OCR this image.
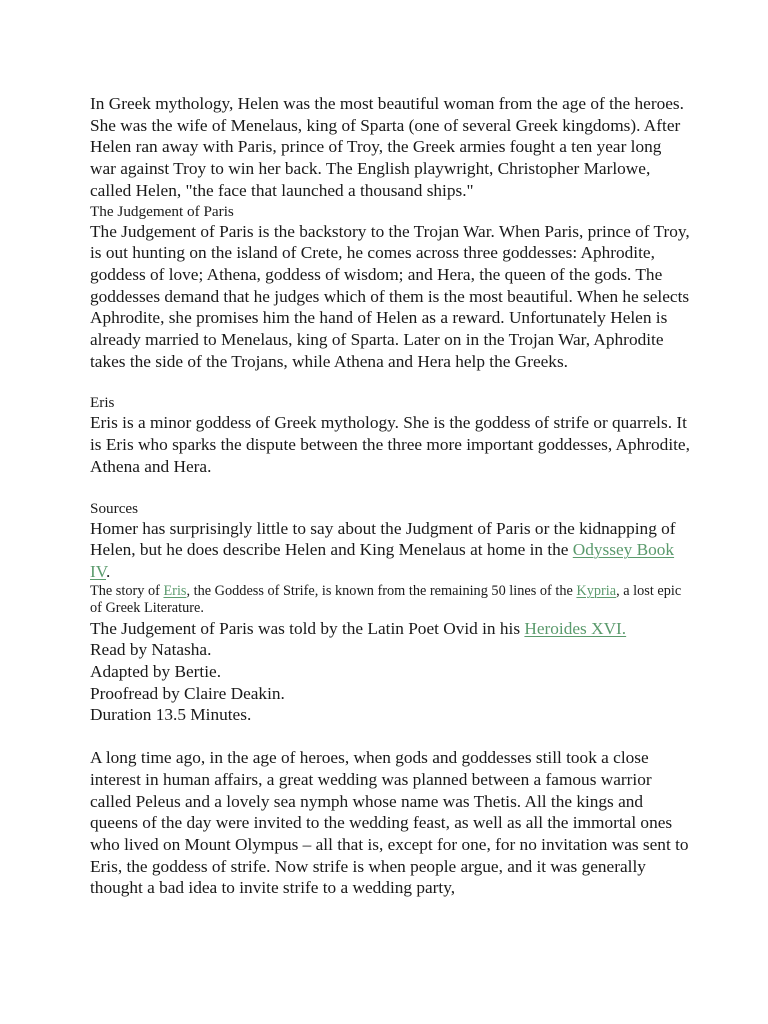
In Greek mythology, Helen was the most beautiful woman from the age of the heroes. She was the wife of Menelaus, king of Sparta (one of several Greek kingdoms). After Helen ran away with Paris, prince of Troy, the Greek armies fought a ten year long war against Troy to win her back. The English playwright, Christopher Marlowe, called Helen, "the face that launched a thousand ships."

The Judgement of Paris

The Judgement of Paris is the backstory to the Trojan War. When Paris, prince of Troy, is out hunting on the island of Crete, he comes across three goddesses: Aphrodite, goddess of love; Athena, goddess of wisdom; and Hera, the queen of the gods. The goddesses demand that he judges which of them is the most beautiful. When he selects Aphrodite, she promises him the hand of Helen as a reward. Unfortunately Helen is already married to Menelaus, king of Sparta. Later on in the Trojan War, Aphrodite takes the side of the Trojans, while Athena and Hera help the Greeks.

Eris

Eris is a minor goddess of Greek mythology. She is the goddess of strife or quarrels. It is Eris who sparks the dispute between the three more important goddesses, Aphrodite, Athena and Hera.

Sources

Homer has surprisingly little to say about the Judgment of Paris or the kidnapping of Helen, but he does describe Helen and King Menelaus at home in the Odyssey Book IV.

The story of Eris, the Goddess of Strife, is known from the remaining 50 lines of the Kypria, a lost epic of Greek Literature.

The Judgement of Paris was told by the Latin Poet Ovid in his Heroides XVI.

Read by Natasha.

Adapted by Bertie.

Proofread by Claire Deakin.

Duration 13.5 Minutes.

A long time ago, in the age of heroes, when gods and goddesses still took a close interest in human affairs, a great wedding was planned between a famous warrior called Peleus and a lovely sea nymph whose name was Thetis. All the kings and queens of the day were invited to the wedding feast, as well as all the immortal ones who lived on Mount Olympus – all that is, except for one, for no invitation was sent to Eris, the goddess of strife. Now strife is when people argue, and it was generally thought a bad idea to invite strife to a wedding party,
